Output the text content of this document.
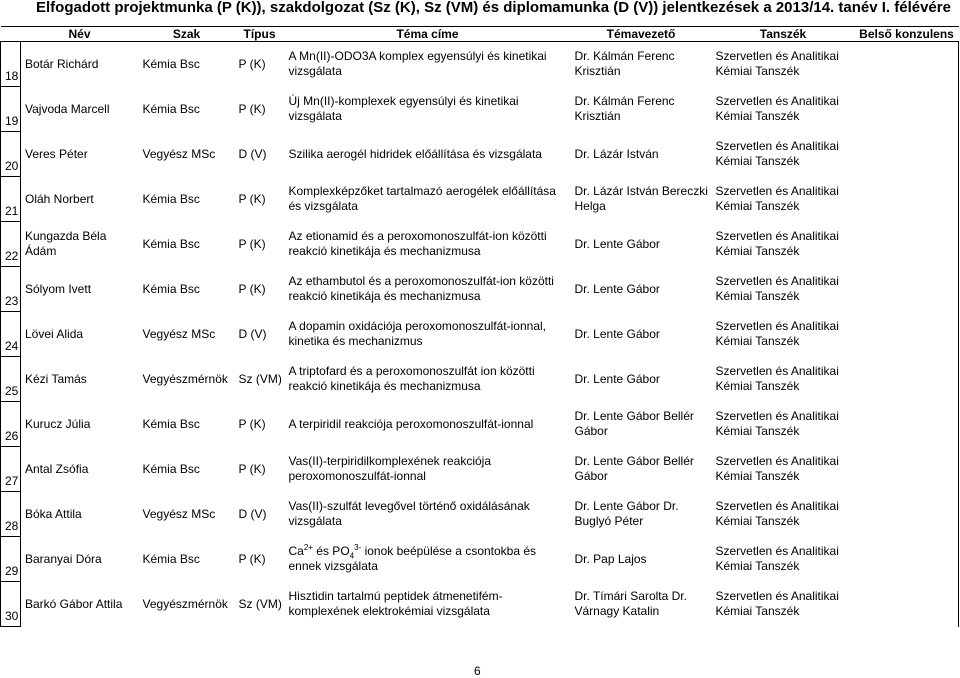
Elfogadott projektmunka (P (K)), szakdolgozat (Sz (K), Sz (VM) és diplomamunka (D (V)) jelentkezések a 2013/14. tanév I. félévére
	Név	Szak	Típus	Téma címe	Témavezető	Tanszék	Belső konzulens
18	Botár Richárd	Kémia Bsc	P (K)	A Mn(II)-ODO3A komplex egyensúlyi és kinetikai vizsgálata	Dr. Kálmán Ferenc Krisztián	Szervetlen és Analitikai Kémiai Tanszék	
19	Vajvoda Marcell	Kémia Bsc	P (K)	Új Mn(II)-komplexek egyensúlyi és kinetikai vizsgálata	Dr. Kálmán Ferenc Krisztián	Szervetlen és Analitikai Kémiai Tanszék	
20	Veres Péter	Vegyész MSc	D (V)	Szilika aerogél hidridek előállítása és vizsgálata	Dr. Lázár István	Szervetlen és Analitikai Kémiai Tanszék	
21	Oláh Norbert	Kémia Bsc	P (K)	Komplexképzőket tartalmazó aerogélek előállítása és vizsgálata	Dr. Lázár István Bereczki Helga	Szervetlen és Analitikai Kémiai Tanszék	
22	Kungazda Béla Ádám	Kémia Bsc	P (K)	Az etionamid és a peroxomonoszulfát-ion közötti reakció kinetikája és mechanizmusa	Dr. Lente Gábor	Szervetlen és Analitikai Kémiai Tanszék	
23	Sólyom Ivett	Kémia Bsc	P (K)	Az ethambutol és a peroxomonoszulfát-ion közötti reakció kinetikája és mechanizmusa	Dr. Lente Gábor	Szervetlen és Analitikai Kémiai Tanszék	
24	Lövei Alida	Vegyész MSc	D (V)	A dopamin oxidációja peroxomonoszulfát-ionnal, kinetika és mechanizmus	Dr. Lente Gábor	Szervetlen és Analitikai Kémiai Tanszék	
25	Kézi Tamás	Vegyészmérnök	Sz (VM)	A triptofard és a peroxomonoszulfát ion közötti reakció kinetikája és mechanizmusa	Dr. Lente Gábor	Szervetlen és Analitikai Kémiai Tanszék	
26	Kurucz Júlia	Kémia Bsc	P (K)	A terpiridil reakciója peroxomonoszulfát-ionnal	Dr. Lente Gábor Bellér Gábor	Szervetlen és Analitikai Kémiai Tanszék	
27	Antal Zsófia	Kémia Bsc	P (K)	Vas(II)-terpiridilkomplexének reakciója peroxomonoszulfát-ionnal	Dr. Lente Gábor Bellér Gábor	Szervetlen és Analitikai Kémiai Tanszék	
28	Bóka Attila	Vegyész MSc	D (V)	Vas(II)-szulfát levegővel történő oxidálásának vizsgálata	Dr. Lente Gábor Dr. Buglyó Péter	Szervetlen és Analitikai Kémiai Tanszék	
29	Baranyai Dóra	Kémia Bsc	P (K)	$Ca^{2+}$ és $PO_4^{3-}$ ionok beépülése a csontokba és ennek vizsgálata	Dr. Pap Lajos	Szervetlen és Analitikai Kémiai Tanszék	
30	Barkó Gábor Attila	Vegyészmérnök	Sz (VM)	Hisztidin tartalmú peptidek átmenetifém-komplexének elektrokémiai vizsgálata	Dr. Tímári Sarolta Dr. Várnagy Katalin	Szervetlen és Analitikai Kémiai Tanszék	
6
